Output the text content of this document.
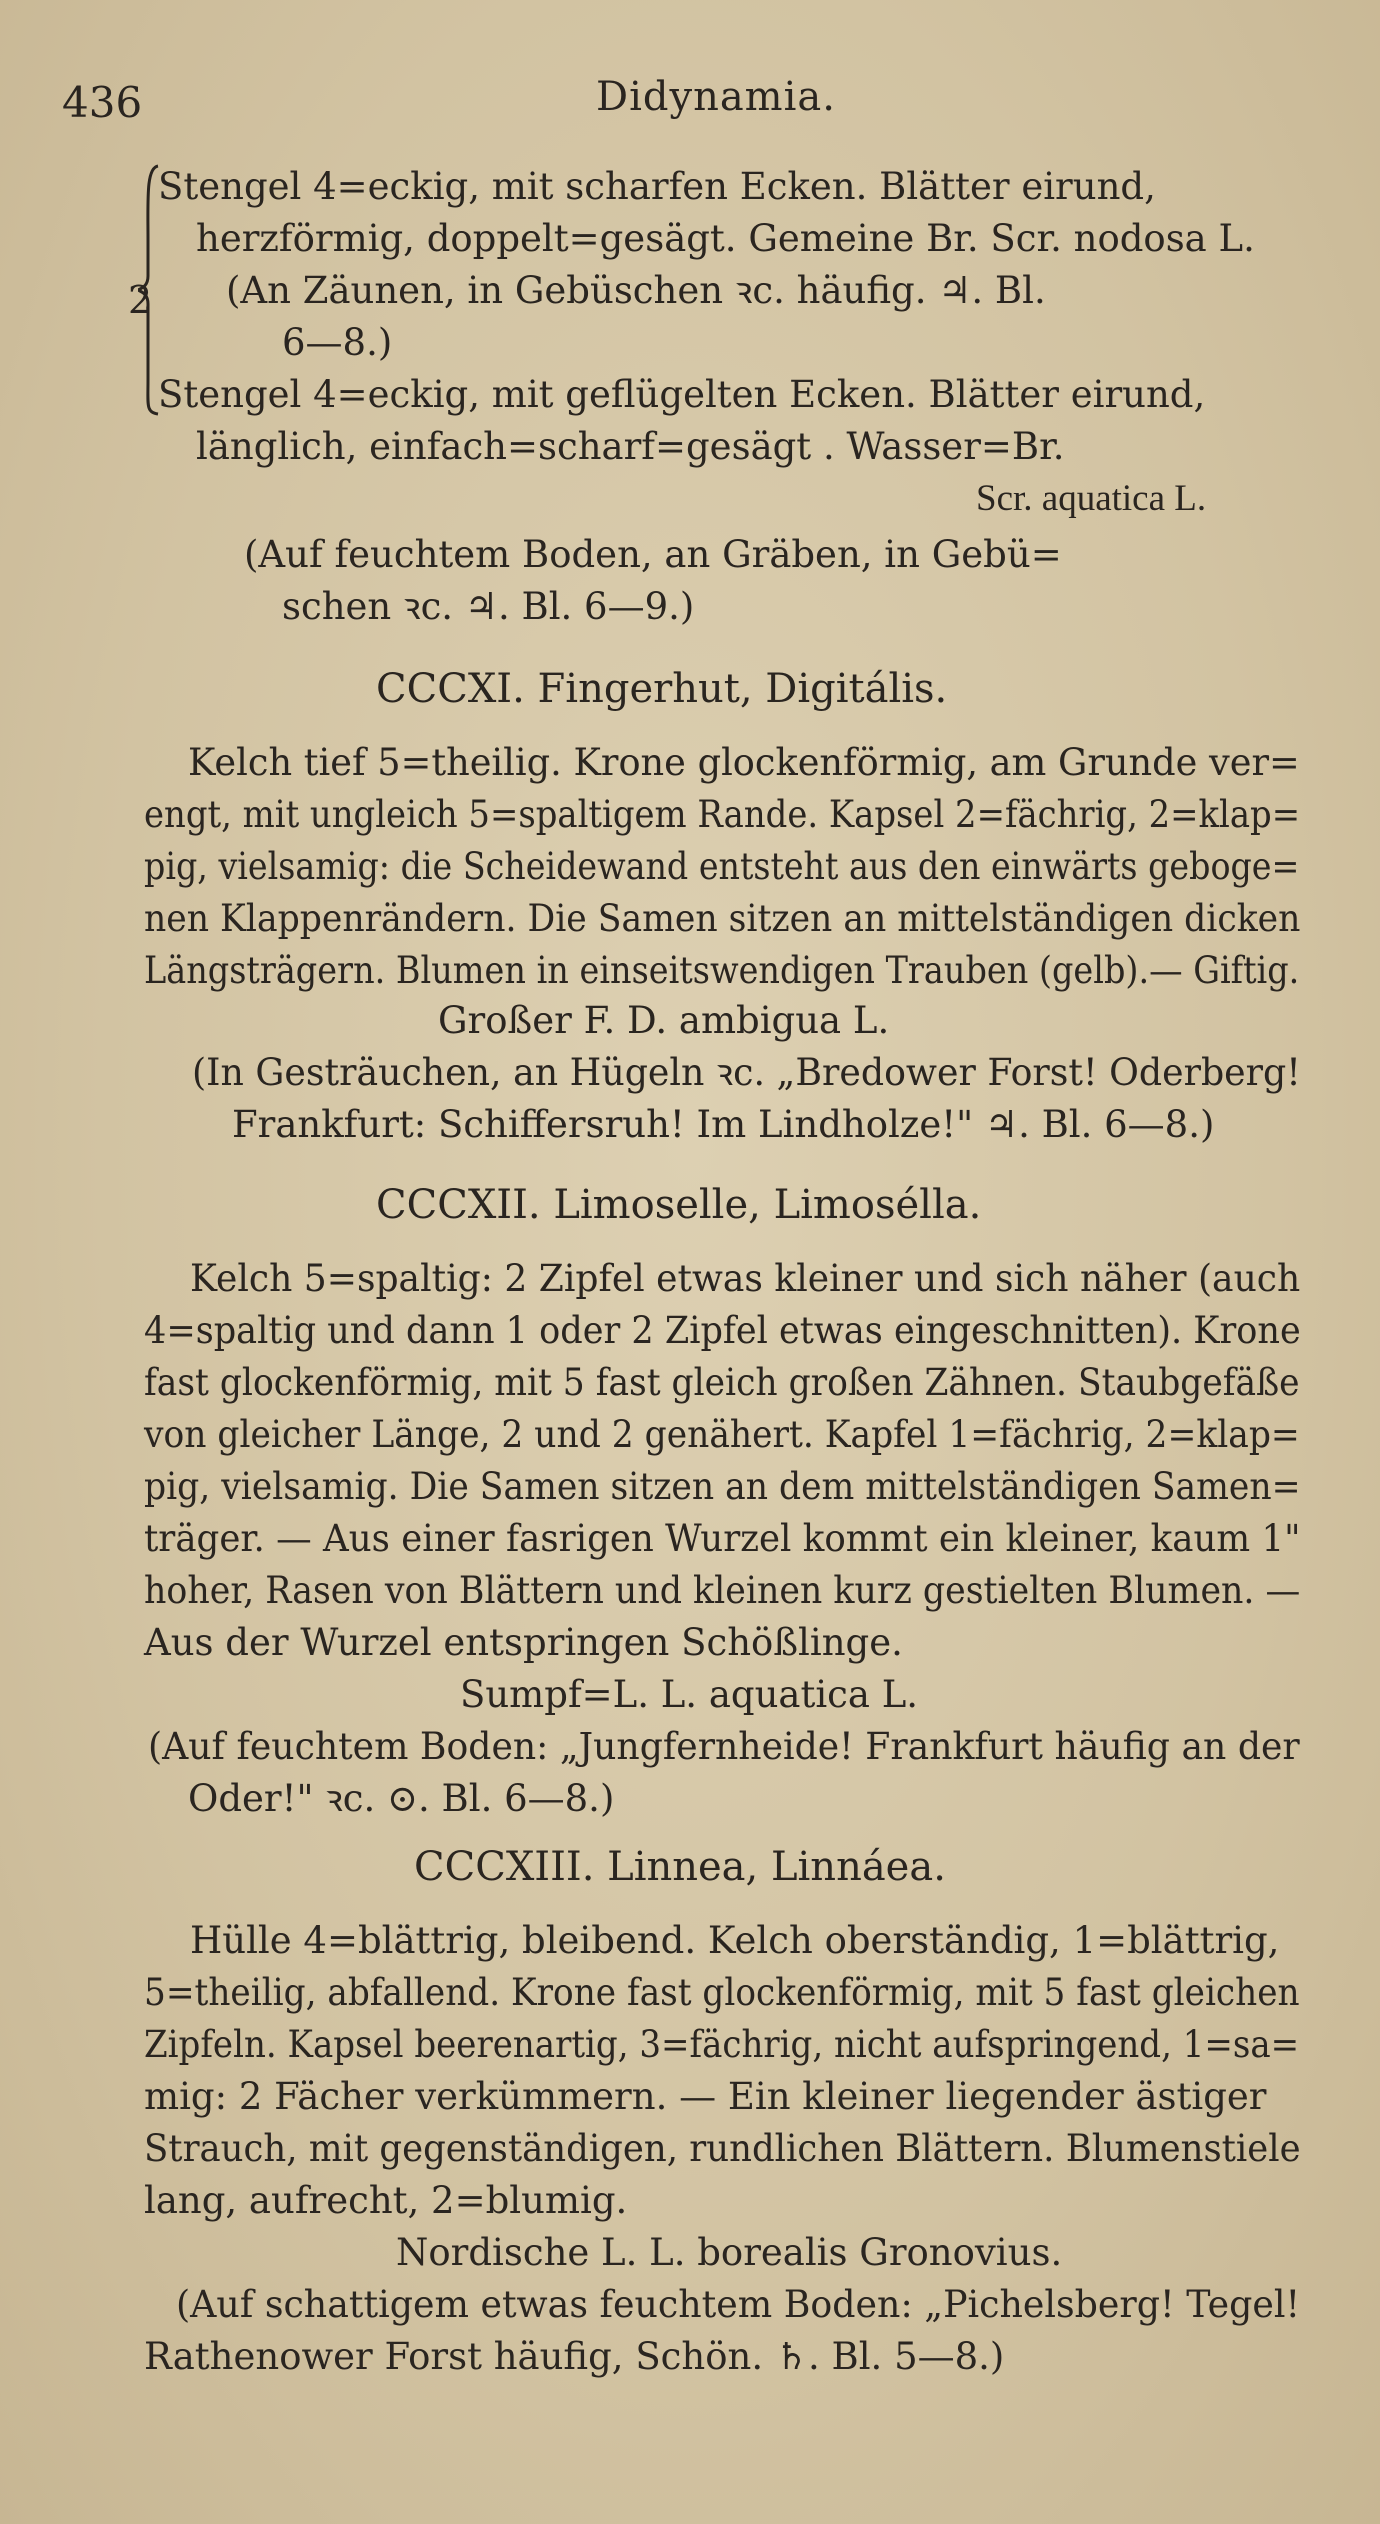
436	Didynamia.
2
Stengel 4=eckig, mit scharfen Ecken. Blätter eirund,
herzförmig, doppelt=gesägt. Gemeine Br. Scr. nodosa L.
(An Zäunen, in Gebüschen ꝛc. häufig. ♃. Bl.
6—8.)
Stengel 4=eckig, mit geflügelten Ecken. Blätter eirund,
länglich, einfach=scharf=gesägt . Wasser=Br.
Scr. aquatica L.
(Auf feuchtem Boden, an Gräben, in Gebü=
schen ꝛc. ♃. Bl. 6—9.)
CCCXI. Fingerhut, Digitális.
Kelch tief 5=theilig. Krone glockenförmig, am Grunde ver=
engt, mit ungleich 5=spaltigem Rande. Kapsel 2=fächrig, 2=klap=
pig, vielsamig: die Scheidewand entsteht aus den einwärts geboge=
nen Klappenrändern. Die Samen sitzen an mittelständigen dicken
Längsträgern. Blumen in einseitswendigen Trauben (gelb).— Giftig.
Großer F. D. ambigua L.
(In Gesträuchen, an Hügeln ꝛc. „Bredower Forst! Oderberg!
Frankfurt: Schiffersruh! Im Lindholze!" ♃. Bl. 6—8.)
CCCXII. Limoselle, Limosélla.
Kelch 5=spaltig: 2 Zipfel etwas kleiner und sich näher (auch
4=spaltig und dann 1 oder 2 Zipfel etwas eingeschnitten). Krone
fast glockenförmig, mit 5 fast gleich großen Zähnen. Staubgefäße
von gleicher Länge, 2 und 2 genähert. Kapfel 1=fächrig, 2=klap=
pig, vielsamig. Die Samen sitzen an dem mittelständigen Samen=
träger. — Aus einer fasrigen Wurzel kommt ein kleiner, kaum 1"
hoher, Rasen von Blättern und kleinen kurz gestielten Blumen. —
Aus der Wurzel entspringen Schößlinge.
Sumpf=L. L. aquatica L.
(Auf feuchtem Boden: „Jungfernheide! Frankfurt häufig an der
Oder!" ꝛc. ⊙. Bl. 6—8.)
CCCXIII. Linnea, Linnáea.
Hülle 4=blättrig, bleibend. Kelch oberständig, 1=blättrig,
5=theilig, abfallend. Krone fast glockenförmig, mit 5 fast gleichen
Zipfeln. Kapsel beerenartig, 3=fächrig, nicht aufspringend, 1=sa=
mig: 2 Fächer verkümmern. — Ein kleiner liegender ästiger
Strauch, mit gegenständigen, rundlichen Blättern. Blumenstiele
lang, aufrecht, 2=blumig.
Nordische L. L. borealis Gronovius.
(Auf schattigem etwas feuchtem Boden: „Pichelsberg! Tegel!
Rathenower Forst häufig, Schön. ♄. Bl. 5—8.)
